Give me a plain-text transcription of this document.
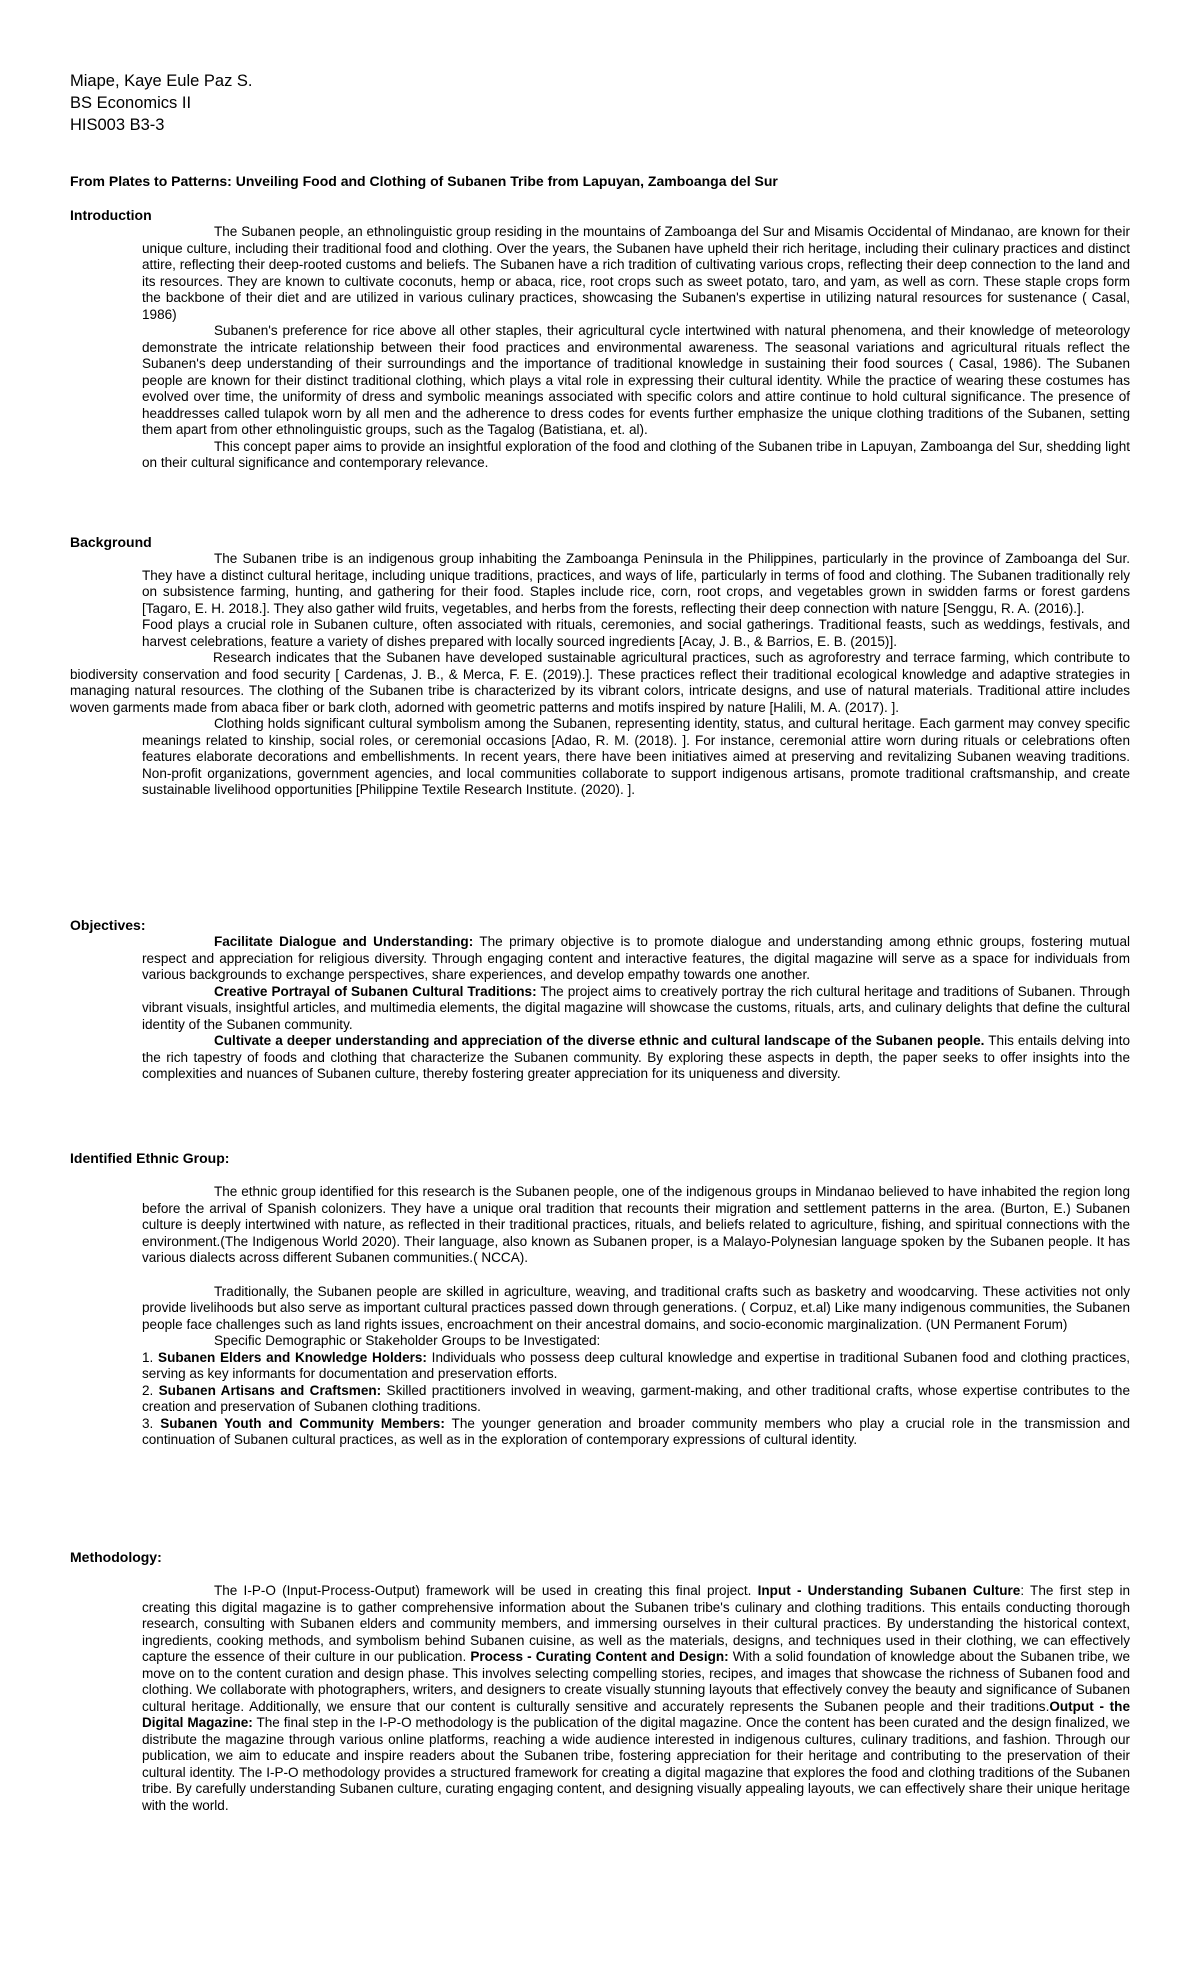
Miape, Kaye Eule Paz S.
BS Economics II
HIS003 B3-3
From Plates to Patterns: Unveiling Food and Clothing of Subanen Tribe from Lapuyan, Zamboanga del Sur
Introduction

The Subanen people, an ethnolinguistic group residing in the mountains of Zamboanga del Sur and Misamis Occidental of Mindanao, are known for their unique culture, including their traditional food and clothing. Over the years, the Subanen have upheld their rich heritage, including their culinary practices and distinct attire, reflecting their deep-rooted customs and beliefs. The Subanen have a rich tradition of cultivating various crops, reflecting their deep connection to the land and its resources. They are known to cultivate coconuts, hemp or abaca, rice, root crops such as sweet potato, taro, and yam, as well as corn. These staple crops form the backbone of their diet and are utilized in various culinary practices, showcasing the Subanen's expertise in utilizing natural resources for sustenance ( Casal, 1986)

Subanen's preference for rice above all other staples, their agricultural cycle intertwined with natural phenomena, and their knowledge of meteorology demonstrate the intricate relationship between their food practices and environmental awareness. The seasonal variations and agricultural rituals reflect the Subanen's deep understanding of their surroundings and the importance of traditional knowledge in sustaining their food sources ( Casal, 1986). The Subanen people are known for their distinct traditional clothing, which plays a vital role in expressing their cultural identity. While the practice of wearing these costumes has evolved over time, the uniformity of dress and symbolic meanings associated with specific colors and attire continue to hold cultural significance. The presence of headdresses called tulapok worn by all men and the adherence to dress codes for events further emphasize the unique clothing traditions of the Subanen, setting them apart from other ethnolinguistic groups, such as the Tagalog (Batistiana, et. al).

This concept paper aims to provide an insightful exploration of the food and clothing of the Subanen tribe in Lapuyan, Zamboanga del Sur, shedding light on their cultural significance and contemporary relevance.

Background

The Subanen tribe is an indigenous group inhabiting the Zamboanga Peninsula in the Philippines, particularly in the province of Zamboanga del Sur. They have a distinct cultural heritage, including unique traditions, practices, and ways of life, particularly in terms of food and clothing. The Subanen traditionally rely on subsistence farming, hunting, and gathering for their food. Staples include rice, corn, root crops, and vegetables grown in swidden farms or forest gardens [Tagaro, E. H. 2018.]. They also gather wild fruits, vegetables, and herbs from the forests, reflecting their deep connection with nature [Senggu, R. A. (2016).].

Food plays a crucial role in Subanen culture, often associated with rituals, ceremonies, and social gatherings. Traditional feasts, such as weddings, festivals, and harvest celebrations, feature a variety of dishes prepared with locally sourced ingredients [Acay, J. B., & Barrios, E. B. (2015)].

Research indicates that the Subanen have developed sustainable agricultural practices, such as agroforestry and terrace farming, which contribute to biodiversity conservation and food security [ Cardenas, J. B., & Merca, F. E. (2019).]. These practices reflect their traditional ecological knowledge and adaptive strategies in managing natural resources. The clothing of the Subanen tribe is characterized by its vibrant colors, intricate designs, and use of natural materials. Traditional attire includes woven garments made from abaca fiber or bark cloth, adorned with geometric patterns and motifs inspired by nature [Halili, M. A. (2017). ].

Clothing holds significant cultural symbolism among the Subanen, representing identity, status, and cultural heritage. Each garment may convey specific meanings related to kinship, social roles, or ceremonial occasions [Adao, R. M. (2018). ]. For instance, ceremonial attire worn during rituals or celebrations often features elaborate decorations and embellishments. In recent years, there have been initiatives aimed at preserving and revitalizing Subanen weaving traditions. Non-profit organizations, government agencies, and local communities collaborate to support indigenous artisans, promote traditional craftsmanship, and create sustainable livelihood opportunities [Philippine Textile Research Institute. (2020). ].

Objectives:

Facilitate Dialogue and Understanding: The primary objective is to promote dialogue and understanding among ethnic groups, fostering mutual respect and appreciation for religious diversity. Through engaging content and interactive features, the digital magazine will serve as a space for individuals from various backgrounds to exchange perspectives, share experiences, and develop empathy towards one another.

Creative Portrayal of Subanen Cultural Traditions: The project aims to creatively portray the rich cultural heritage and traditions of Subanen. Through vibrant visuals, insightful articles, and multimedia elements, the digital magazine will showcase the customs, rituals, arts, and culinary delights that define the cultural identity of the Subanen community.

Cultivate a deeper understanding and appreciation of the diverse ethnic and cultural landscape of the Subanen people. This entails delving into the rich tapestry of foods and clothing that characterize the Subanen community. By exploring these aspects in depth, the paper seeks to offer insights into the complexities and nuances of Subanen culture, thereby fostering greater appreciation for its uniqueness and diversity.

Identified Ethnic Group:

The ethnic group identified for this research is the Subanen people, one of the indigenous groups in Mindanao believed to have inhabited the region long before the arrival of Spanish colonizers. They have a unique oral tradition that recounts their migration and settlement patterns in the area. (Burton, E.) Subanen culture is deeply intertwined with nature, as reflected in their traditional practices, rituals, and beliefs related to agriculture, fishing, and spiritual connections with the environment.(The Indigenous World 2020). Their language, also known as Subanen proper, is a Malayo-Polynesian language spoken by the Subanen people. It has various dialects across different Subanen communities.( NCCA).

Traditionally, the Subanen people are skilled in agriculture, weaving, and traditional crafts such as basketry and woodcarving. These activities not only provide livelihoods but also serve as important cultural practices passed down through generations. ( Corpuz, et.al) Like many indigenous communities, the Subanen people face challenges such as land rights issues, encroachment on their ancestral domains, and socio-economic marginalization. (UN Permanent Forum)

Specific Demographic or Stakeholder Groups to be Investigated:

1. Subanen Elders and Knowledge Holders: Individuals who possess deep cultural knowledge and expertise in traditional Subanen food and clothing practices, serving as key informants for documentation and preservation efforts.

2. Subanen Artisans and Craftsmen: Skilled practitioners involved in weaving, garment-making, and other traditional crafts, whose expertise contributes to the creation and preservation of Subanen clothing traditions.

3. Subanen Youth and Community Members: The younger generation and broader community members who play a crucial role in the transmission and continuation of Subanen cultural practices, as well as in the exploration of contemporary expressions of cultural identity.

Methodology:

The I-P-O (Input-Process-Output) framework will be used in creating this final project. Input - Understanding Subanen Culture: The first step in creating this digital magazine is to gather comprehensive information about the Subanen tribe's culinary and clothing traditions. This entails conducting thorough research, consulting with Subanen elders and community members, and immersing ourselves in their cultural practices. By understanding the historical context, ingredients, cooking methods, and symbolism behind Subanen cuisine, as well as the materials, designs, and techniques used in their clothing, we can effectively capture the essence of their culture in our publication. Process - Curating Content and Design: With a solid foundation of knowledge about the Subanen tribe, we move on to the content curation and design phase. This involves selecting compelling stories, recipes, and images that showcase the richness of Subanen food and clothing. We collaborate with photographers, writers, and designers to create visually stunning layouts that effectively convey the beauty and significance of Subanen cultural heritage. Additionally, we ensure that our content is culturally sensitive and accurately represents the Subanen people and their traditions.Output - the Digital Magazine: The final step in the I-P-O methodology is the publication of the digital magazine. Once the content has been curated and the design finalized, we distribute the magazine through various online platforms, reaching a wide audience interested in indigenous cultures, culinary traditions, and fashion. Through our publication, we aim to educate and inspire readers about the Subanen tribe, fostering appreciation for their heritage and contributing to the preservation of their cultural identity. The I-P-O methodology provides a structured framework for creating a digital magazine that explores the food and clothing traditions of the Subanen tribe. By carefully understanding Subanen culture, curating engaging content, and designing visually appealing layouts, we can effectively share their unique heritage with the world.
